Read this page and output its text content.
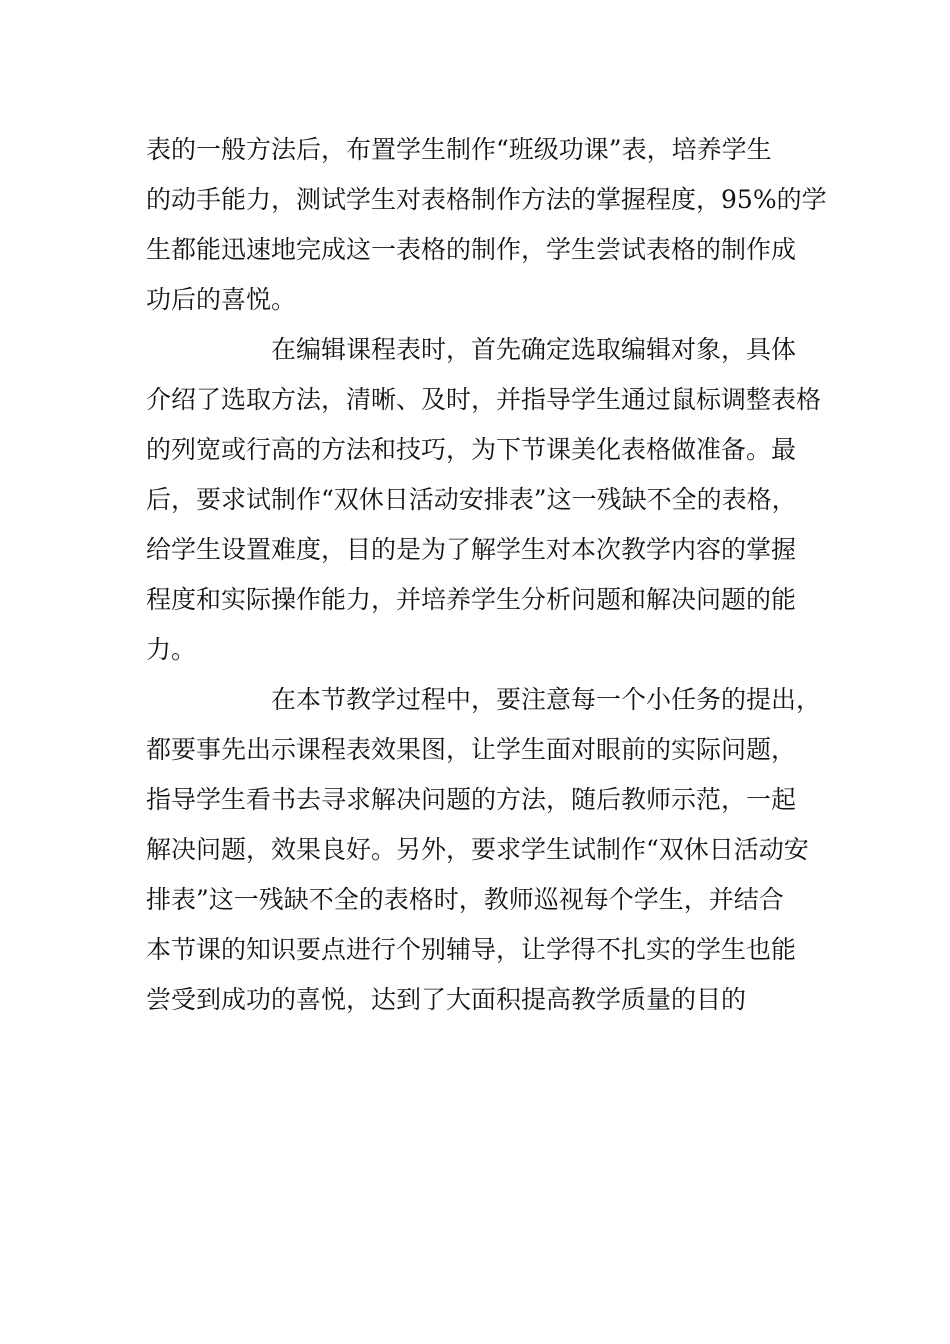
表的一般方法后，布置学生制作“班级功课”表，培养学生
的动手能力，测试学生对表格制作方法的掌握程度，95%的学
生都能迅速地完成这一表格的制作，学生尝试表格的制作成
功后的喜悦。
在编辑课程表时，首先确定选取编辑对象，具体
介绍了选取方法，清晰、及时，并指导学生通过鼠标调整表格
的列宽或行高的方法和技巧，为下节课美化表格做准备。最
后，要求试制作“双休日活动安排表”这一残缺不全的表格，
给学生设置难度，目的是为了解学生对本次教学内容的掌握
程度和实际操作能力，并培养学生分析问题和解决问题的能
力。
在本节教学过程中，要注意每一个小任务的提出，
都要事先出示课程表效果图，让学生面对眼前的实际问题，
指导学生看书去寻求解决问题的方法，随后教师示范，一起
解决问题，效果良好。另外，要求学生试制作“双休日活动安
排表”这一残缺不全的表格时，教师巡视每个学生，并结合
本节课的知识要点进行个别辅导，让学得不扎实的学生也能
尝受到成功的喜悦，达到了大面积提高教学质量的目的
